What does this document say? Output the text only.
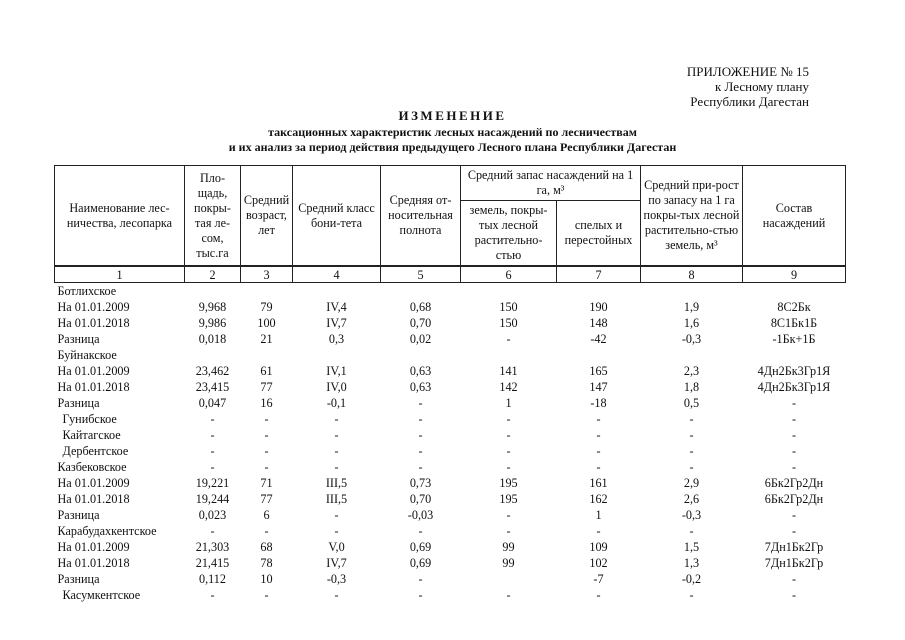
ПРИЛОЖЕНИЕ № 15
к Лесному плану
Республики Дагестан
ИЗМЕНЕНИЕ
таксационных характеристик лесных насаждений по лесничествам
и их анализ за период действия предыдущего Лесного плана Республики Дагестан
Наименование лес-ничества, лесопарка	Пло-щадь, покры-тая ле-сом, тыс.га	Средний возраст, лет	Средний класс бони-тета	Средняя от-носительная полнота	Средний запас насаждений на 1 га, м³		Средний при-рост по запасу на 1 га покры-тых лесной растительно-стью земель, м³	Состав насаждений
					земель, покры-тых лесной растительно-стью	спелых и перестойных		
1	2	3	4	5	6	7	8	9
Ботлихское								
На 01.01.2009	9,968	79	IV,4	0,68	150	190	1,9	8С2Бк
На 01.01.2018	9,986	100	IV,7	0,70	150	148	1,6	8С1Бк1Б
Разница	0,018	21	0,3	0,02	-	-42	-0,3	-1Бк+1Б
Буйнакское								
На 01.01.2009	23,462	61	IV,1	0,63	141	165	2,3	4Дн2Бк3Гр1Я
На 01.01.2018	23,415	77	IV,0	0,63	142	147	1,8	4Дн2Бк3Гр1Я
Разница	0,047	16	-0,1	-	1	-18	0,5	-
Гунибское	-	-	-	-	-	-	-	-
Кайтагское	-	-	-	-	-	-	-	-
Дербентское	-	-	-	-	-	-	-	-
Казбековское	-	-	-	-	-	-	-	-
На 01.01.2009	19,221	71	III,5	0,73	195	161	2,9	6Бк2Гр2Дн
На 01.01.2018	19,244	77	III,5	0,70	195	162	2,6	6Бк2Гр2Дн
Разница	0,023	6	-	-0,03	-	1	-0,3	-
Карабудахкентское	-	-	-	-	-	-	-	-
На 01.01.2009	21,303	68	V,0	0,69	99	109	1,5	7Дн1Бк2Гр
На 01.01.2018	21,415	78	IV,7	0,69	99	102	1,3	7Дн1Бк2Гр
Разница	0,112	10	-0,3	-		-7	-0,2	-
Касумкентское	-	-	-	-	-	-	-	-
